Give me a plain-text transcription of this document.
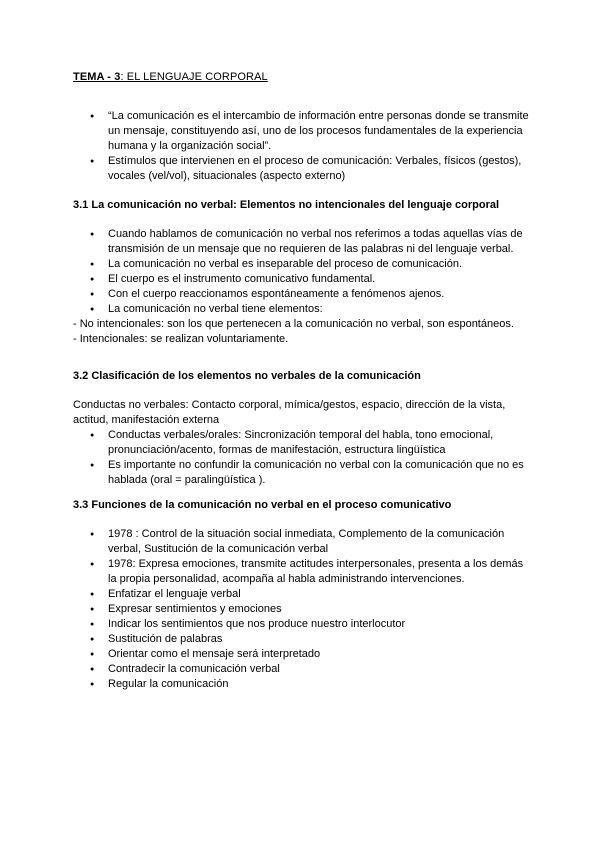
TEMA - 3: EL LENGUAJE CORPORAL

● “La comunicación es el intercambio de información entre personas donde se transmite un mensaje, constituyendo así, uno de los procesos fundamentales de la experiencia humana y la organización social”.
● Estímulos que intervienen en el proceso de comunicación: Verbales, físicos (gestos), vocales (vel/vol), situacionales (aspecto externo)

3.1 La comunicación no verbal: Elementos no intencionales del lenguaje corporal

● Cuando hablamos de comunicación no verbal nos referimos a todas aquellas vías de transmisión de un mensaje que no requieren de las palabras ni del lenguaje verbal.
● La comunicación no verbal es inseparable del proceso de comunicación.
● El cuerpo es el instrumento comunicativo fundamental.
● Con el cuerpo reaccionamos espontáneamente a fenómenos ajenos.
● La comunicación no verbal tiene elementos:

- No intencionales: son los que pertenecen a la comunicación no verbal, son espontáneos.

- Intencionales: se realizan voluntariamente.

3.2 Clasificación de los elementos no verbales de la comunicación

Conductas no verbales: Contacto corporal, mímica/gestos, espacio, dirección de la vista, actitud, manifestación externa

● Conductas verbales/orales: Sincronización temporal del habla, tono emocional, pronunciación/acento, formas de manifestación, estructura lingüística
● Es importante no confundir la comunicación no verbal con la comunicación que no es hablada (oral = paralingüística ).

3.3 Funciones de la comunicación no verbal en el proceso comunicativo

● 1978 : Control de la situación social inmediata, Complemento de la comunicación verbal, Sustitución de la comunicación verbal
● 1978: Expresa emociones, transmite actitudes interpersonales, presenta a los demás la propia personalidad, acompaña al habla administrando intervenciones.
● Enfatizar el lenguaje verbal
● Expresar sentimientos y emociones
● Indicar los sentimientos que nos produce nuestro interlocutor
● Sustitución de palabras
● Orientar como el mensaje será interpretado
● Contradecir la comunicación verbal
● Regular la comunicación
